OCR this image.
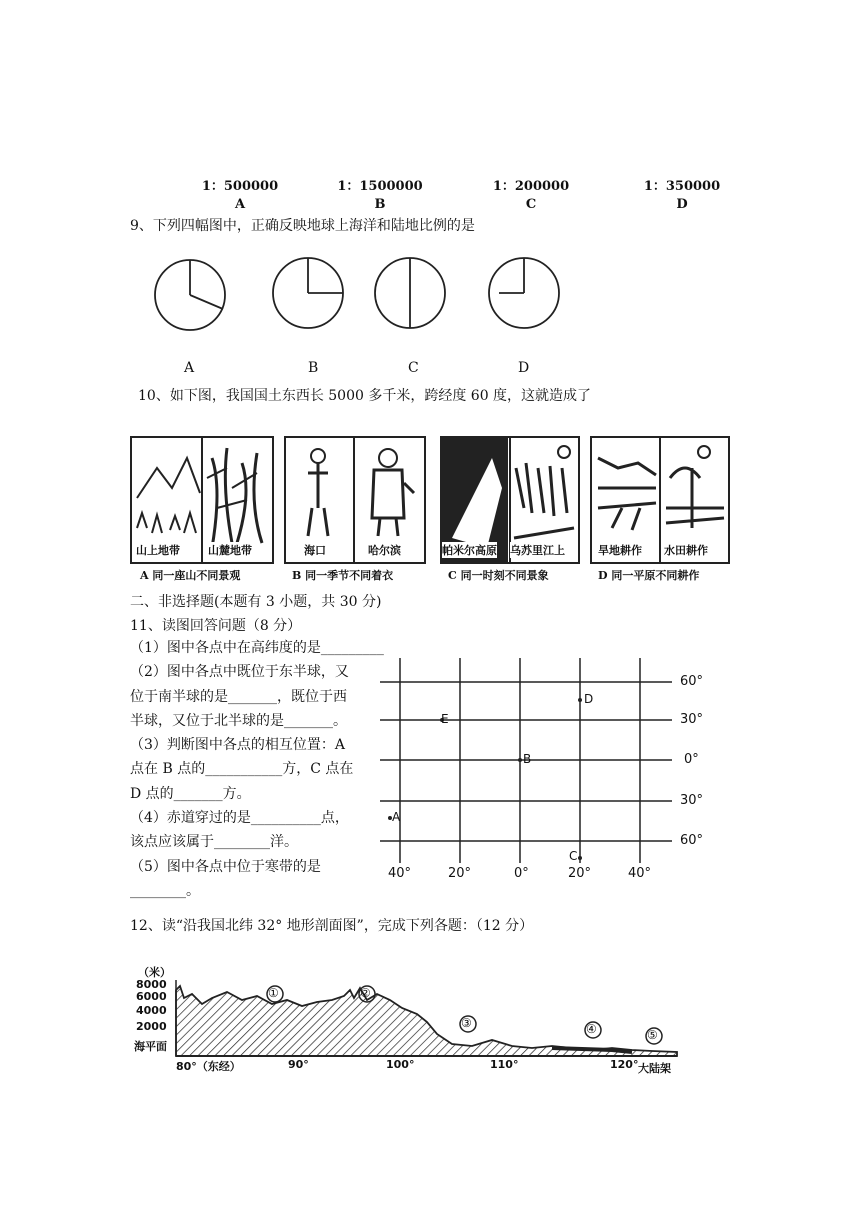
1：500000
A
1：1500000
B
1：200000
C
1：350000
D
9、下列四幅图中，正确反映地球上海洋和陆地比例的是
A	B	C	D
10、如下图，我国国土东西长 5000 多千米，跨经度 60 度，这就造成了
山上地带	山麓地带
A 同一座山不同景观
海口	哈尔滨
B 同一季节不同着衣
帕米尔高原 乌苏里江上
C 同一时刻不同景象
旱地耕作 水田耕作
D 同一平原不同耕作
二、非选择题(本题有 3 小题，共 30 分)
11、读图回答问题（8 分）

（1）图中各点中在高纬度的是_________

（2）图中各点中既位于东半球，又

位于南半球的是_______，既位于西

半球，又位于北半球的是_______。

（3）判断图中各点的相互位置：A

点在 B 点的___________方，C 点在

D 点的_______方。

（4）赤道穿过的是__________点，

该点应该属于________洋。

（5）图中各点中位于寒带的是

________。

60°
30°
0°
30°
60°
40°	20°	0°	20°	40°
A
B
C
D
E
12、读“沿我国北纬 32° 地形剖面图”，完成下列各题：（12 分）
（米）
8000
6000
4000
2000
海平面
80°（东经）	90°	100°	110°	120°
①	②
③	④	⑤
大陆架
